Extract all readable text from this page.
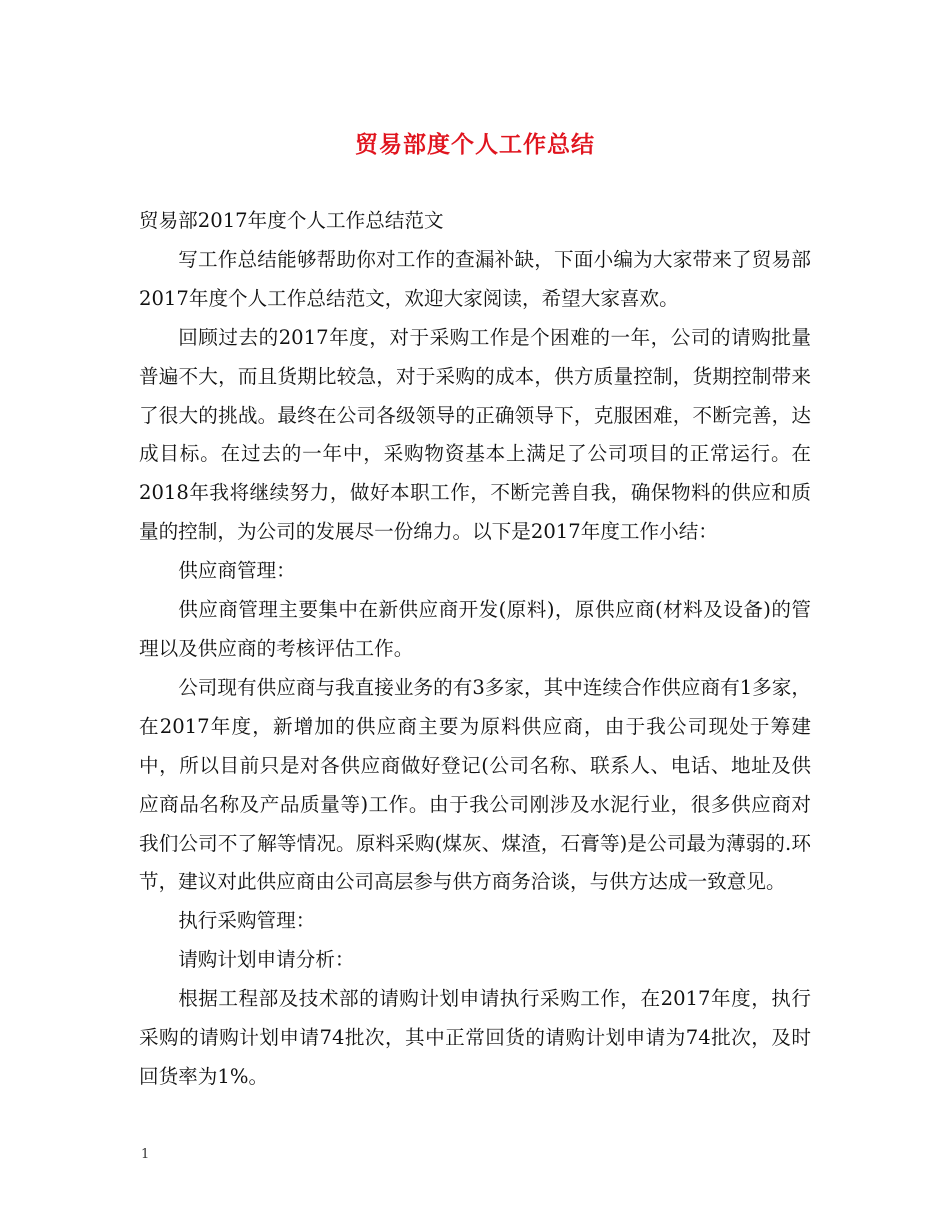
贸易部度个人工作总结

贸易部2017年度个人工作总结范文

写工作总结能够帮助你对工作的查漏补缺，下面小编为大家带来了贸易部2017年度个人工作总结范文，欢迎大家阅读，希望大家喜欢。

回顾过去的2017年度，对于采购工作是个困难的一年，公司的请购批量普遍不大，而且货期比较急，对于采购的成本，供方质量控制，货期控制带来了很大的挑战。最终在公司各级领导的正确领导下，克服困难，不断完善，达成目标。在过去的一年中，采购物资基本上满足了公司项目的正常运行。在2018年我将继续努力，做好本职工作，不断完善自我，确保物料的供应和质量的控制，为公司的发展尽一份绵力。以下是2017年度工作小结：

供应商管理：

供应商管理主要集中在新供应商开发(原料)，原供应商(材料及设备)的管理以及供应商的考核评估工作。

公司现有供应商与我直接业务的有3多家，其中连续合作供应商有1多家，在2017年度，新增加的供应商主要为原料供应商，由于我公司现处于筹建中，所以目前只是对各供应商做好登记(公司名称、联系人、电话、地址及供应商品名称及产品质量等)工作。由于我公司刚涉及水泥行业，很多供应商对我们公司不了解等情况。原料采购(煤灰、煤渣，石膏等)是公司最为薄弱的.环节，建议对此供应商由公司高层参与供方商务洽谈，与供方达成一致意见。

执行采购管理：

请购计划申请分析：

根据工程部及技术部的请购计划申请执行采购工作，在2017年度，执行采购的请购计划申请74批次，其中正常回货的请购计划申请为74批次，及时回货率为1%。

1
